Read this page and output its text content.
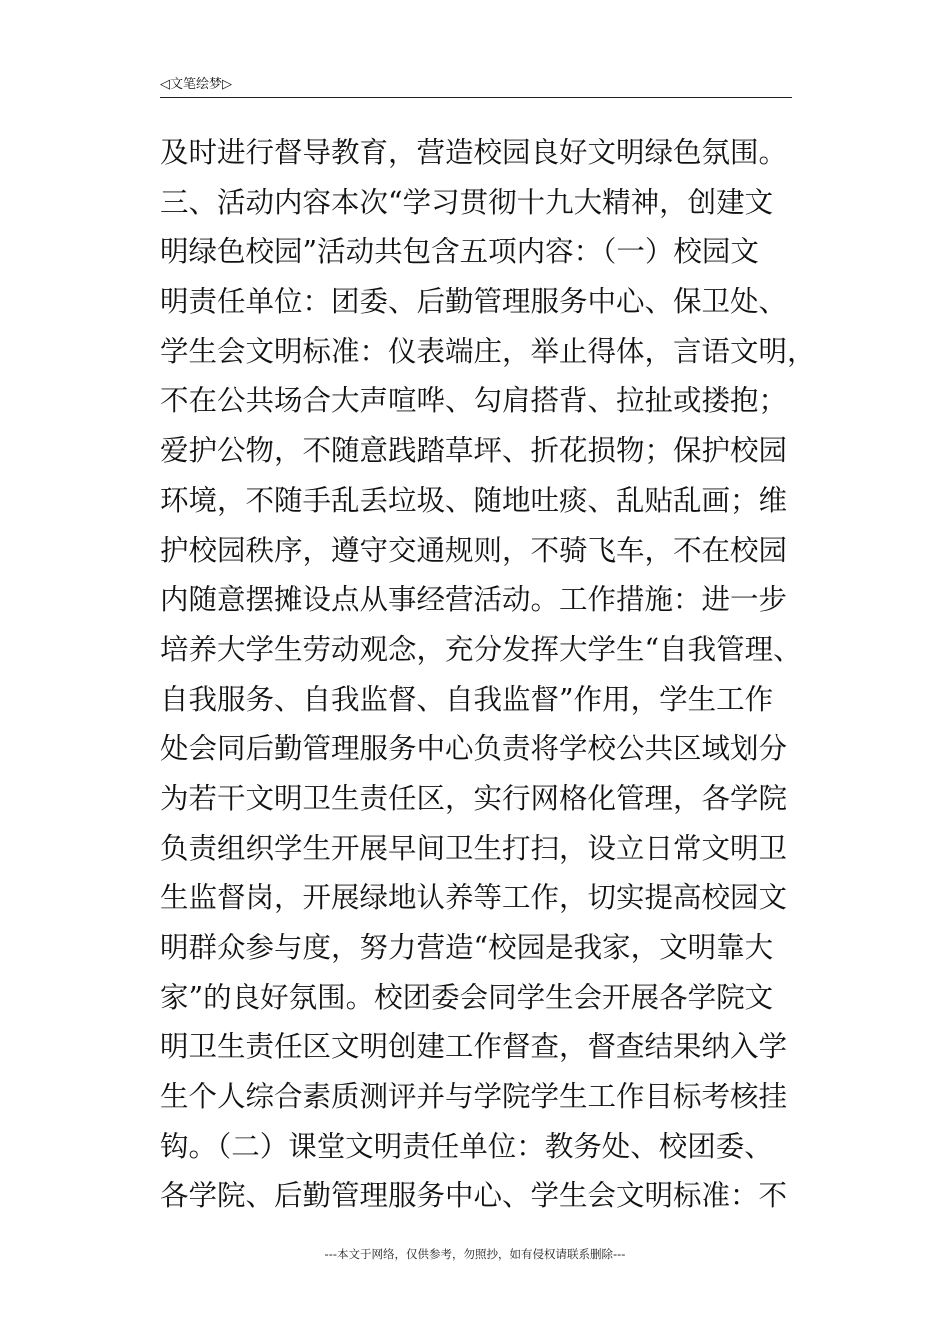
◁文笔绘梦▷
及时进行督导教育，营造校园良好文明绿色氛围。
三、活动内容本次“学习贯彻十九大精神，创建文
明绿色校园”活动共包含五项内容：（一）校园文
明责任单位：团委、后勤管理服务中心、保卫处、
学生会文明标准：仪表端庄，举止得体，言语文明，
不在公共场合大声喧哗、勾肩搭背、拉扯或搂抱；
爱护公物，不随意践踏草坪、折花损物；保护校园
环境，不随手乱丢垃圾、随地吐痰、乱贴乱画；维
护校园秩序，遵守交通规则，不骑飞车，不在校园
内随意摆摊设点从事经营活动。工作措施：进一步
培养大学生劳动观念，充分发挥大学生“自我管理、
自我服务、自我监督、自我监督”作用，学生工作
处会同后勤管理服务中心负责将学校公共区域划分
为若干文明卫生责任区，实行网格化管理，各学院
负责组织学生开展早间卫生打扫，设立日常文明卫
生监督岗，开展绿地认养等工作，切实提高校园文
明群众参与度，努力营造“校园是我家，文明靠大
家”的良好氛围。校团委会同学生会开展各学院文
明卫生责任区文明创建工作督查，督查结果纳入学
生个人综合素质测评并与学院学生工作目标考核挂
钩。（二）课堂文明责任单位：教务处、校团委、
各学院、后勤管理服务中心、学生会文明标准：不
---本文于网络，仅供参考，勿照抄，如有侵权请联系删除---
